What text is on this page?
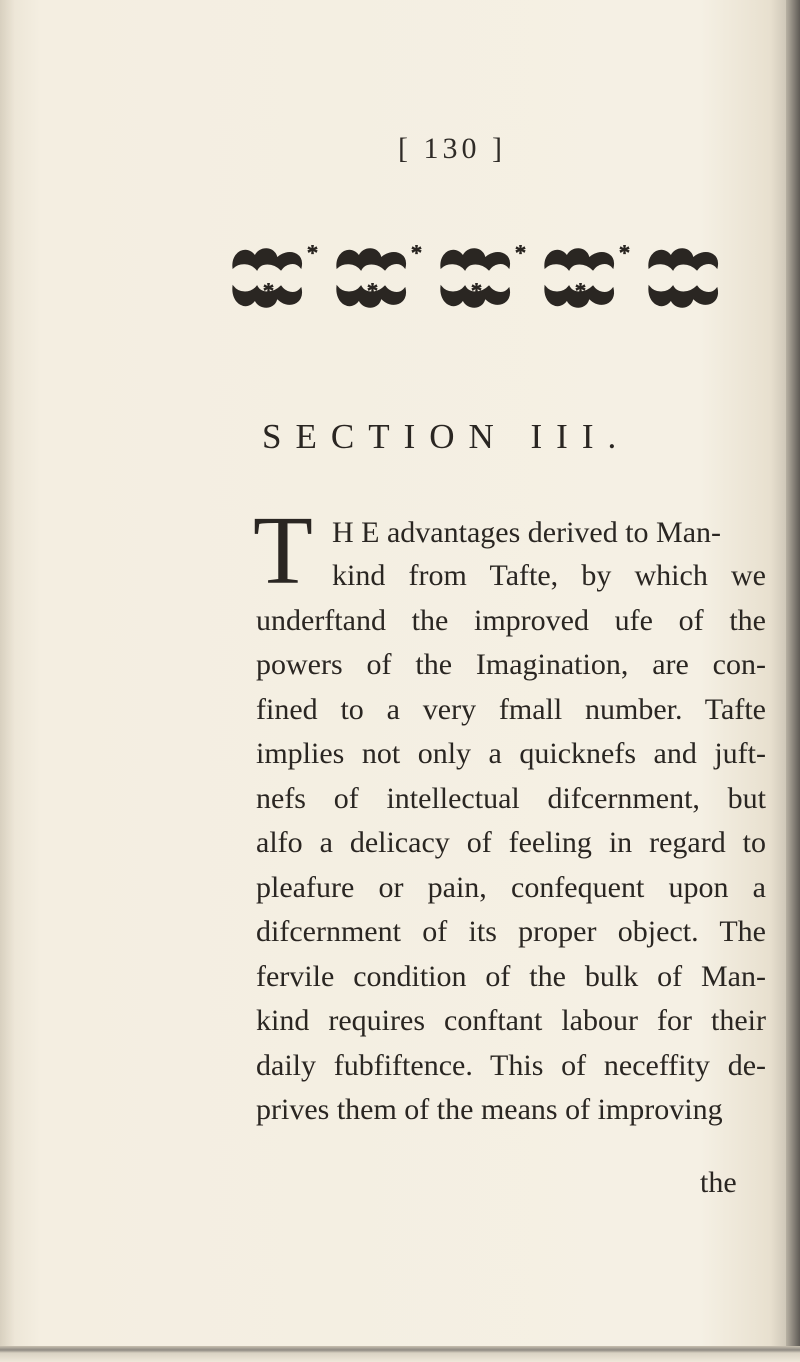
[ 130 ]
*
*
*
*
*
*
*
*
SECTION III.
T H E advantages derived to Man-
kind from Tafte, by which we
underftand the improved ufe of the
powers of the Imagination, are con-
fined to a very fmall number. Tafte
implies not only a quicknefs and juft-
nefs of intellectual difcernment, but
alfo a delicacy of feeling in regard to
pleafure or pain, confequent upon a
difcernment of its proper object. The
fervile condition of the bulk of Man-
kind requires conftant labour for their
daily fubfiftence. This of neceffity de-
prives them of the means of improving
the
